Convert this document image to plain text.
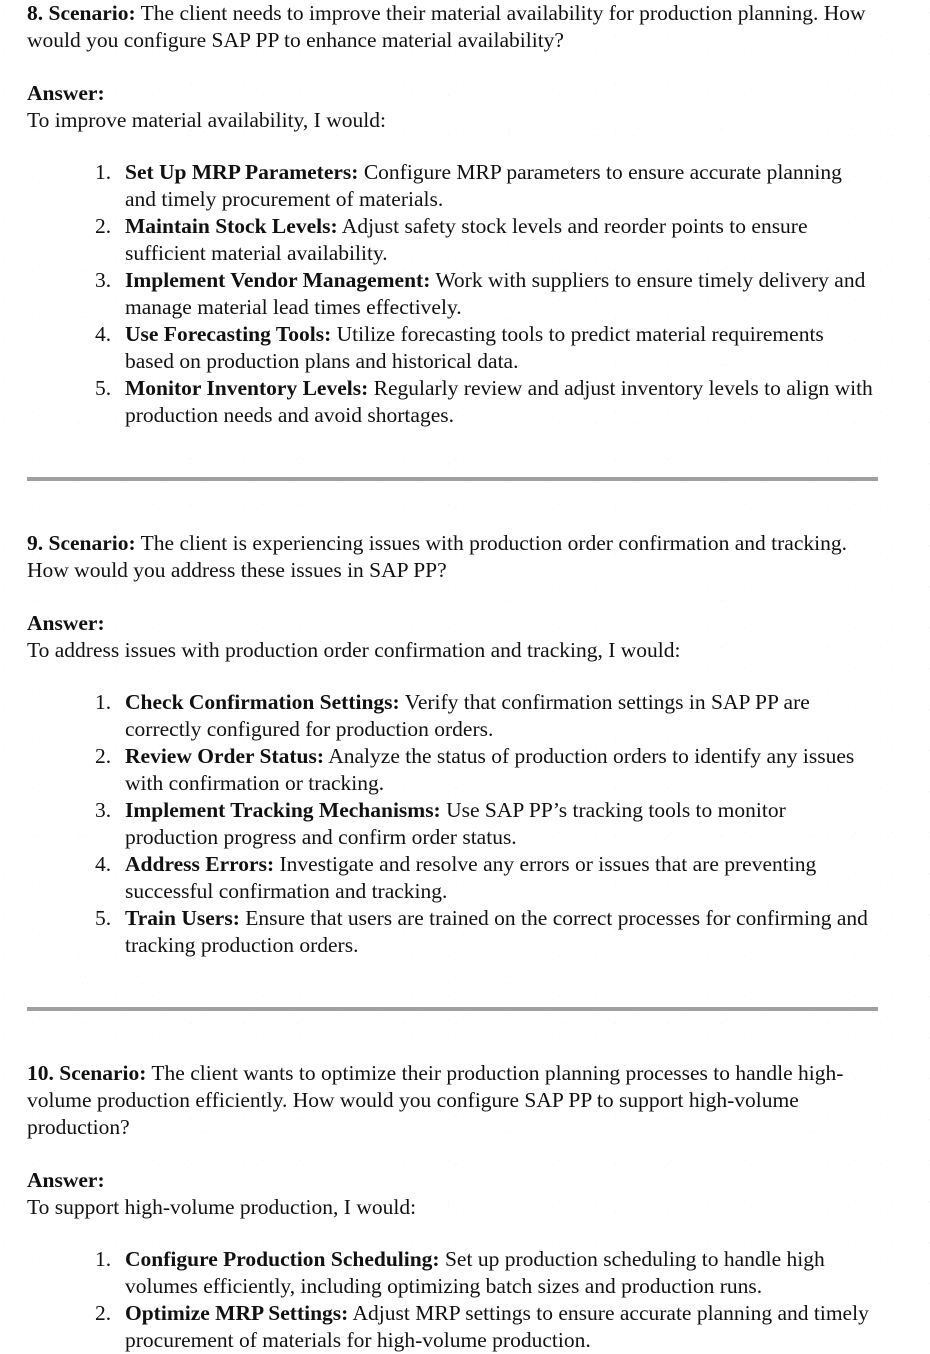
8. Scenario: The client needs to improve their material availability for production planning. How would you configure SAP PP to enhance material availability?

Answer:

To improve material availability, I would:

Set Up MRP Parameters: Configure MRP parameters to ensure accurate planning and timely procurement of materials.
Maintain Stock Levels: Adjust safety stock levels and reorder points to ensure sufficient material availability.
Implement Vendor Management: Work with suppliers to ensure timely delivery and manage material lead times effectively.
Use Forecasting Tools: Utilize forecasting tools to predict material requirements based on production plans and historical data.
Monitor Inventory Levels: Regularly review and adjust inventory levels to align with production needs and avoid shortages.

9. Scenario: The client is experiencing issues with production order confirmation and tracking. How would you address these issues in SAP PP?

Answer:

To address issues with production order confirmation and tracking, I would:

Check Confirmation Settings: Verify that confirmation settings in SAP PP are correctly configured for production orders.
Review Order Status: Analyze the status of production orders to identify any issues with confirmation or tracking.
Implement Tracking Mechanisms: Use SAP PP’s tracking tools to monitor production progress and confirm order status.
Address Errors: Investigate and resolve any errors or issues that are preventing successful confirmation and tracking.
Train Users: Ensure that users are trained on the correct processes for confirming and tracking production orders.

10. Scenario: The client wants to optimize their production planning processes to handle high-volume production efficiently. How would you configure SAP PP to support high-volume production?

Answer:

To support high-volume production, I would:

Configure Production Scheduling: Set up production scheduling to handle high volumes efficiently, including optimizing batch sizes and production runs.
Optimize MRP Settings: Adjust MRP settings to ensure accurate planning and timely procurement of materials for high-volume production.
